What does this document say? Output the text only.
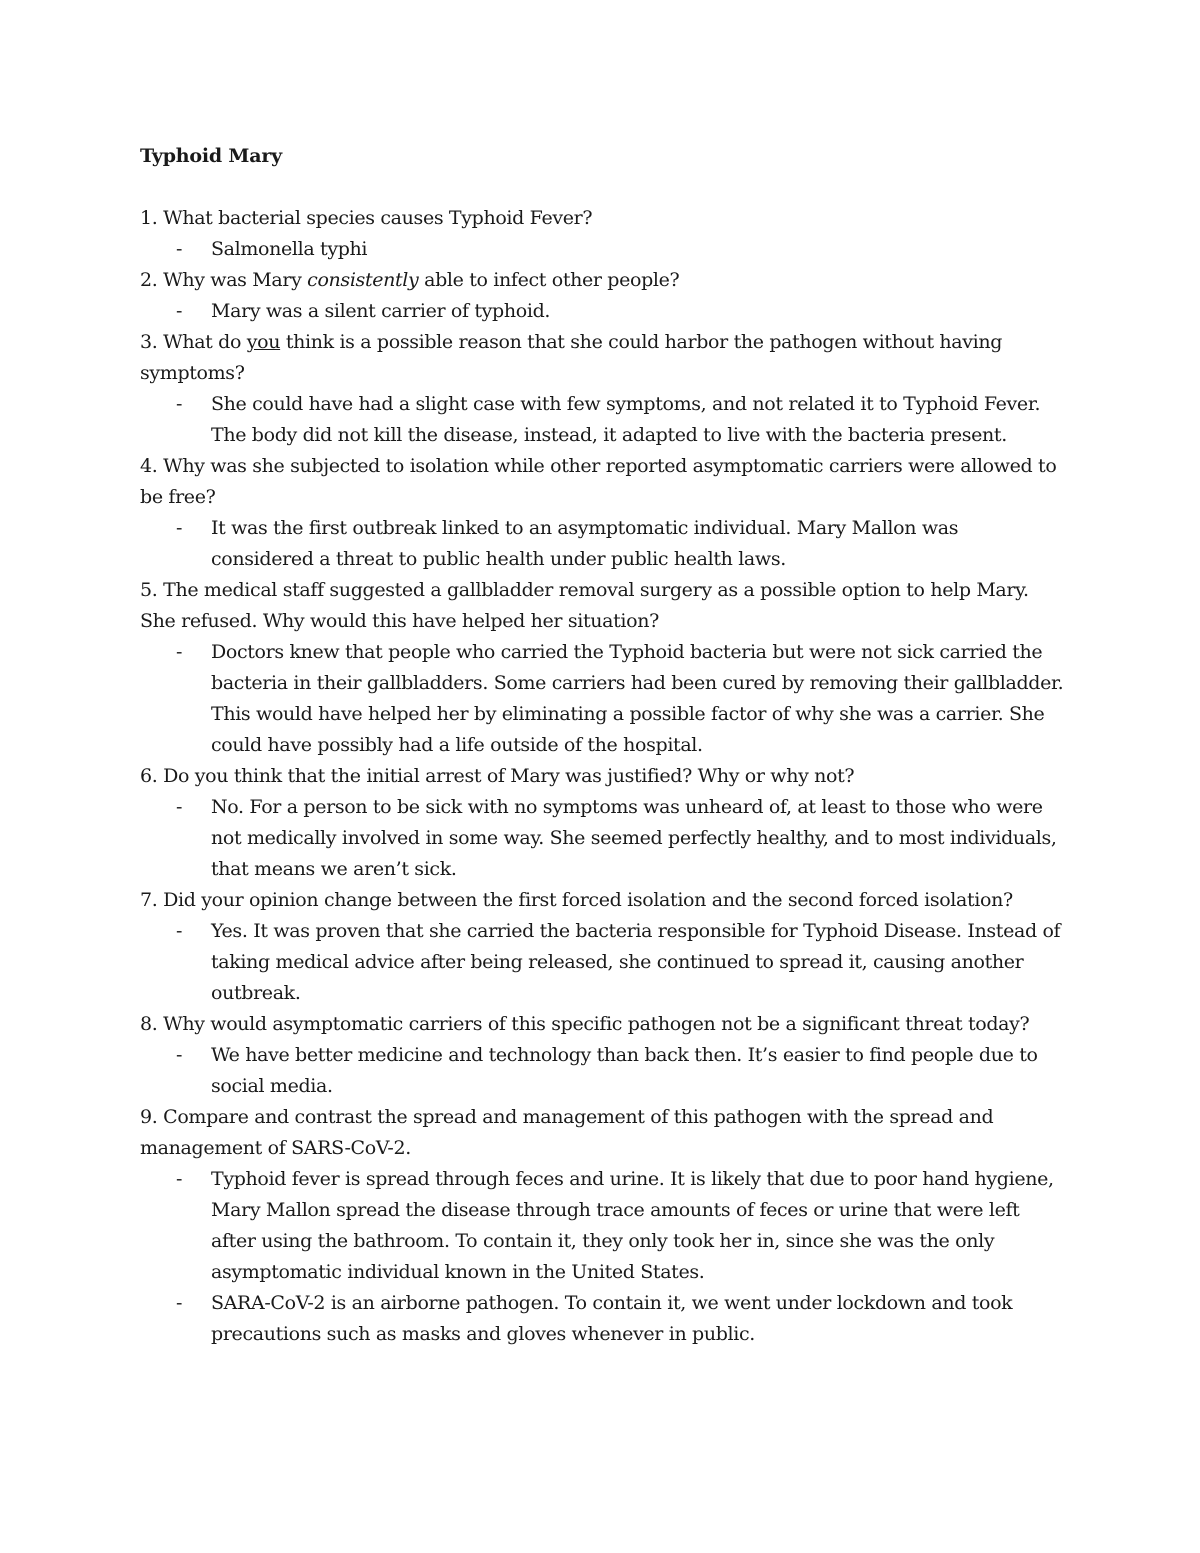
Typhoid Mary

1. What bacterial species causes Typhoid Fever?

- Salmonella typhi

2. Why was Mary consistently able to infect other people?

- Mary was a silent carrier of typhoid.

3. What do you think is a possible reason that she could harbor the pathogen without having symptoms?

- She could have had a slight case with few symptoms, and not related it to Typhoid Fever. The body did not kill the disease, instead, it adapted to live with the bacteria present.

4. Why was she subjected to isolation while other reported asymptomatic carriers were allowed to be free?

- It was the first outbreak linked to an asymptomatic individual. Mary Mallon was considered a threat to public health under public health laws.

5. The medical staff suggested a gallbladder removal surgery as a possible option to help Mary. She refused. Why would this have helped her situation?

- Doctors knew that people who carried the Typhoid bacteria but were not sick carried the bacteria in their gallbladders. Some carriers had been cured by removing their gallbladder. This would have helped her by eliminating a possible factor of why she was a carrier. She could have possibly had a life outside of the hospital.

6. Do you think that the initial arrest of Mary was justified? Why or why not?

- No. For a person to be sick with no symptoms was unheard of, at least to those who were not medically involved in some way. She seemed perfectly healthy, and to most individuals, that means we aren’t sick.

7. Did your opinion change between the first forced isolation and the second forced isolation?

- Yes. It was proven that she carried the bacteria responsible for Typhoid Disease. Instead of taking medical advice after being released, she continued to spread it, causing another outbreak.

8. Why would asymptomatic carriers of this specific pathogen not be a significant threat today?

- We have better medicine and technology than back then. It’s easier to find people due to social media.

9. Compare and contrast the spread and management of this pathogen with the spread and management of SARS-CoV-2.

- Typhoid fever is spread through feces and urine. It is likely that due to poor hand hygiene, Mary Mallon spread the disease through trace amounts of feces or urine that were left after using the bathroom. To contain it, they only took her in, since she was the only asymptomatic individual known in the United States.
- SARA-CoV-2 is an airborne pathogen. To contain it, we went under lockdown and took precautions such as masks and gloves whenever in public.
